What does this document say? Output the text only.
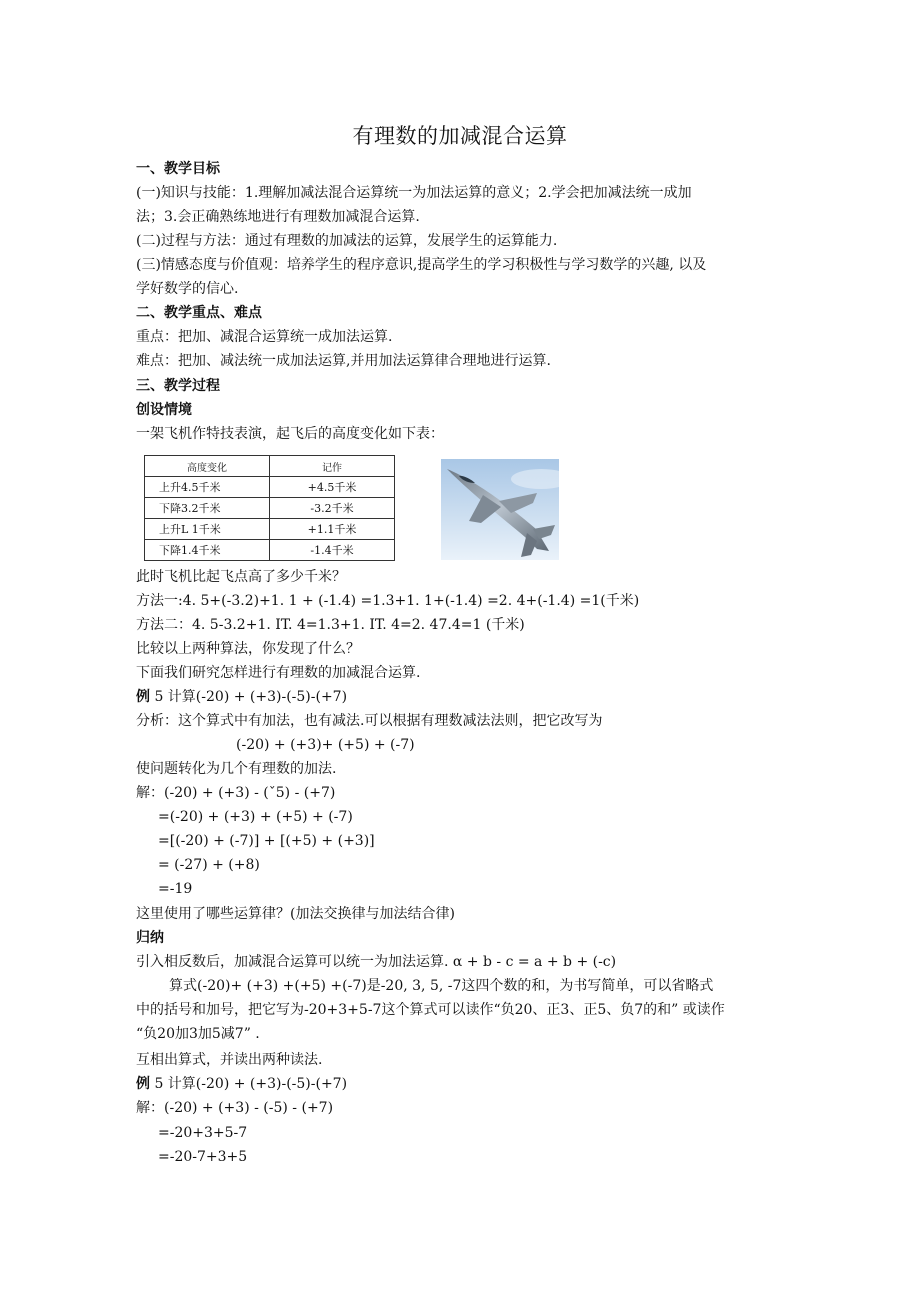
有理数的加减混合运算
一、教学目标
(一)知识与技能：1.理解加减法混合运算统一为加法运算的意义；2.学会把加减法统一成加
法；3.会正确熟练地进行有理数加减混合运算.
(二)过程与方法：通过有理数的加减法的运算，发展学生的运算能力.
(三)情感态度与价值观：培养学生的程序意识,提高学生的学习积极性与学习数学的兴趣, 以及
学好数学的信心.
二、教学重点、难点
重点：把加、减混合运算统一成加法运算.
难点：把加、减法统一成加法运算,并用加法运算律合理地进行运算.
三、教学过程
创设情境
一架飞机作特技表演，起飞后的高度变化如下表：
高度变化	记作
上升4.5千米	+4.5千米
下降3.2千米	-3.2千米
上升L 1千米	+1.1千米
下降1.4千米	-1.4千米
此时飞机比起飞点高了多少千米？
方法一:4. 5+(-3.2)+1. 1 + (-1.4) =1.3+1. 1+(-1.4) =2. 4+(-1.4) =1(千米)
方法二：4. 5-3.2+1. IT. 4=1.3+1. IT. 4=2. 47.4=1 (千米)
比较以上两种算法，你发现了什么？
下面我们研究怎样进行有理数的加减混合运算.
例 5 计算(-20) + (+3)-(-5)-(+7)
分析：这个算式中有加法，也有减法.可以根据有理数减法法则，把它改写为
(-20) + (+3)+ (+5) + (-7)
使问题转化为几个有理数的加法.
解：(-20) + (+3) - (ˇ5) - (+7)
=(-20) + (+3) + (+5) + (-7)
=[(-20) + (-7)] + [(+5) + (+3)]
= (-27) + (+8)
=-19
这里使用了哪些运算律？(加法交换律与加法结合律)
归纳
引入相反数后，加减混合运算可以统一为加法运算. α + b - c = a + b + (-c)
算式(-20)+ (+3) +(+5) +(-7)是-20, 3, 5, -7这四个数的和，为书写简单，可以省略式
中的括号和加号，把它写为-20+3+5-7这个算式可以读作“负20、正3、正5、负7的和” 或读作
“负20加3加5减7” .
互相出算式，并读出两种读法.
例 5 计算(-20) + (+3)-(-5)-(+7)
解：(-20) + (+3) - (-5) - (+7)
=-20+3+5-7
=-20-7+3+5
